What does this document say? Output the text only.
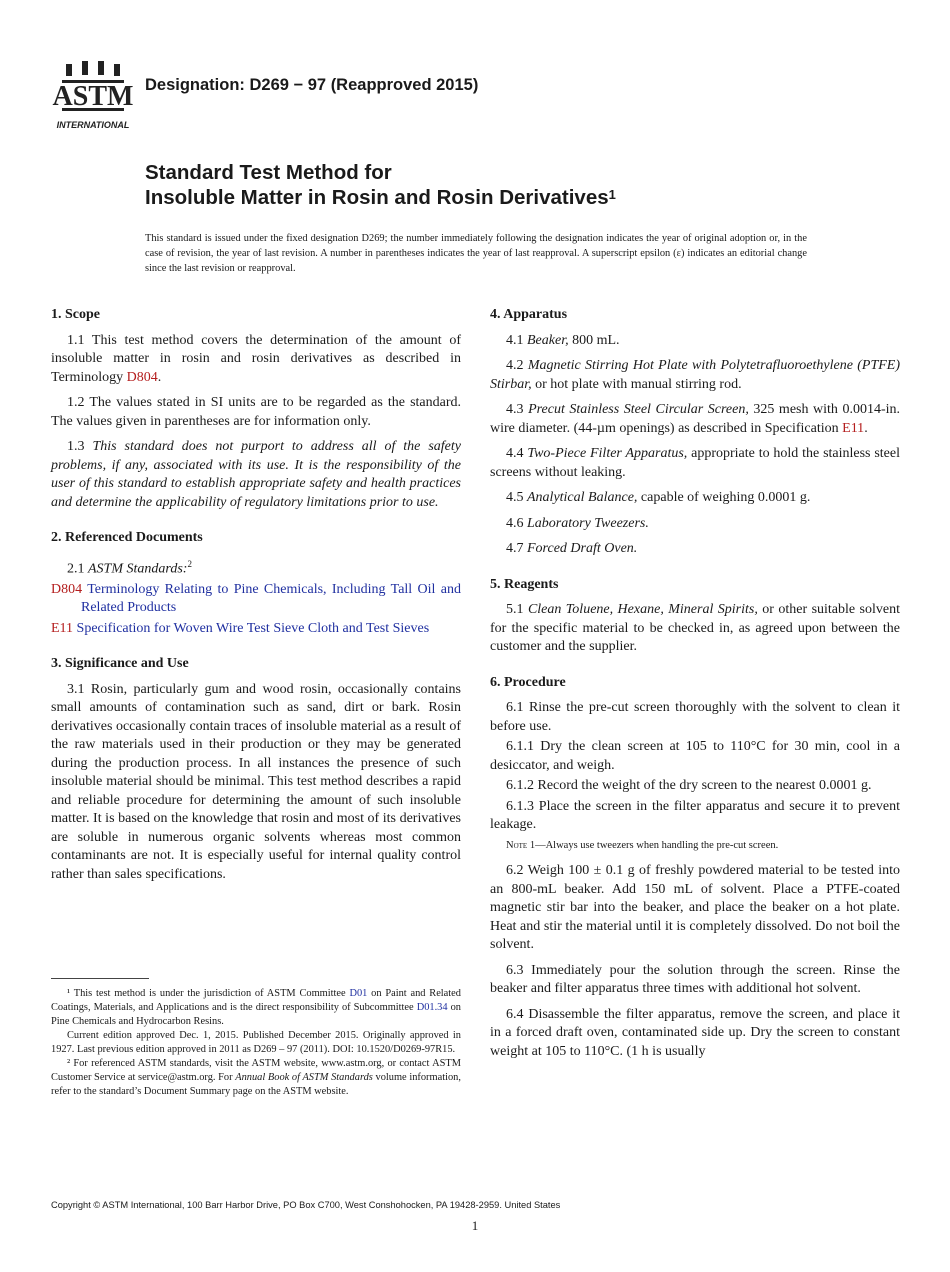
ASTM
INTERNATIONAL
Designation: D269 − 97 (Reapproved 2015)
Standard Test Method for
Insoluble Matter in Rosin and Rosin Derivatives$^1$
This standard is issued under the fixed designation D269; the number immediately following the designation indicates the year of original adoption or, in the case of revision, the year of last revision. A number in parentheses indicates the year of last reapproval. A superscript epsilon (ε) indicates an editorial change since the last revision or reapproval.
1. Scope

1.1 This test method covers the determination of the amount of insoluble matter in rosin and rosin derivatives as described in Terminology D804.

1.2 The values stated in SI units are to be regarded as the standard. The values given in parentheses are for information only.

1.3 This standard does not purport to address all of the safety problems, if any, associated with its use. It is the responsibility of the user of this standard to establish appropriate safety and health practices and determine the applicability of regulatory limitations prior to use.

2. Referenced Documents

2.1 ASTM Standards:$^2$

D804 Terminology Relating to Pine Chemicals, Including Tall Oil and Related Products

E11 Specification for Woven Wire Test Sieve Cloth and Test Sieves

3. Significance and Use

3.1 Rosin, particularly gum and wood rosin, occasionally contains small amounts of contamination such as sand, dirt or bark. Rosin derivatives occasionally contain traces of insoluble material as a result of the raw materials used in their production or they may be generated during the production process. In all instances the presence of such insoluble material should be minimal. This test method describes a rapid and reliable procedure for determining the amount of such insoluble matter. It is based on the knowledge that rosin and most of its derivatives are soluble in numerous organic solvents whereas most common contaminants are not. It is especially useful for internal quality control rather than sales specifications.

¹ This test method is under the jurisdiction of ASTM Committee D01 on Paint and Related Coatings, Materials, and Applications and is the direct responsibility of Subcommittee D01.34 on Pine Chemicals and Hydrocarbon Resins.

Current edition approved Dec. 1, 2015. Published December 2015. Originally approved in 1927. Last previous edition approved in 2011 as D269 – 97 (2011). DOI: 10.1520/D0269-97R15.

² For referenced ASTM standards, visit the ASTM website, www.astm.org, or contact ASTM Customer Service at service@astm.org. For Annual Book of ASTM Standards volume information, refer to the standard’s Document Summary page on the ASTM website.

4. Apparatus

4.1 Beaker, 800 mL.

4.2 Magnetic Stirring Hot Plate with Polytetrafluoroethylene (PTFE) Stirbar, or hot plate with manual stirring rod.

4.3 Precut Stainless Steel Circular Screen, 325 mesh with 0.0014-in. wire diameter. (44-µm openings) as described in Specification E11.

4.4 Two-Piece Filter Apparatus, appropriate to hold the stainless steel screens without leaking.

4.5 Analytical Balance, capable of weighing 0.0001 g.

4.6 Laboratory Tweezers.

4.7 Forced Draft Oven.

5. Reagents

5.1 Clean Toluene, Hexane, Mineral Spirits, or other suitable solvent for the specific material to be checked in, as agreed upon between the customer and the supplier.

6. Procedure

6.1 Rinse the pre-cut screen thoroughly with the solvent to clean it before use.

6.1.1 Dry the clean screen at 105 to 110°C for 30 min, cool in a desiccator, and weigh.

6.1.2 Record the weight of the dry screen to the nearest 0.0001 g.

6.1.3 Place the screen in the filter apparatus and secure it to prevent leakage.

Note 1—Always use tweezers when handling the pre-cut screen.

6.2 Weigh 100 ± 0.1 g of freshly powdered material to be tested into an 800-mL beaker. Add 150 mL of solvent. Place a PTFE-coated magnetic stir bar into the beaker, and place the beaker on a hot plate. Heat and stir the material until it is completely dissolved. Do not boil the solvent.

6.3 Immediately pour the solution through the screen. Rinse the beaker and filter apparatus three times with additional hot solvent.

6.4 Disassemble the filter apparatus, remove the screen, and place it in a forced draft oven, contaminated side up. Dry the screen to constant weight at 105 to 110°C. (1 h is usually

Copyright © ASTM International, 100 Barr Harbor Drive, PO Box C700, West Conshohocken, PA 19428-2959. United States
1
